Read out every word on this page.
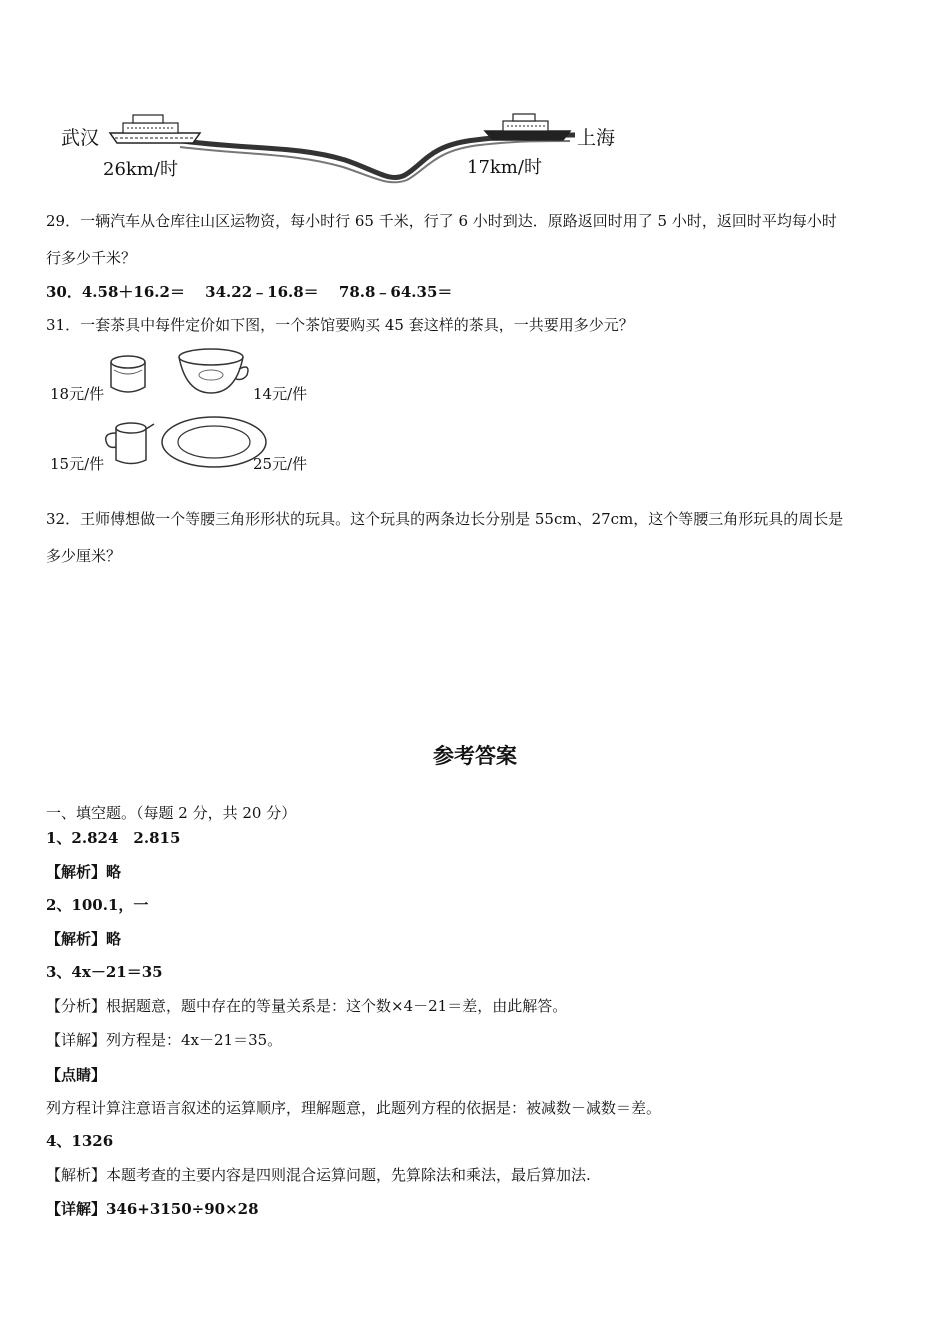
武汉	上海
26km/时	17km/时
29．一辆汽车从仓库往山区运物资，每小时行 65 千米，行了 6 小时到达．原路返回时用了 5 小时，返回时平均每小时
行多少千米？
30．4.58＋16.2＝　 34.22﹣16.8＝　 78.8﹣64.35＝
31．一套茶具中每件定价如下图，一个茶馆要购买 45 套这样的茶具，一共要用多少元？
18元/件	14元/件
15元/件	25元/件
32．王师傅想做一个等腰三角形形状的玩具。这个玩具的两条边长分别是 55cm、27cm，这个等腰三角形玩具的周长是
多少厘米？
参考答案
一、填空题。（每题 2 分，共 20 分）
1、2.824　2.815
【解析】略
2、100.1，一
【解析】略
3、4x－21＝35
【分析】根据题意，题中存在的等量关系是：这个数×4－21＝差，由此解答。
【详解】列方程是：4x－21＝35。
【点睛】
列方程计算注意语言叙述的运算顺序，理解题意，此题列方程的依据是：被减数－减数＝差。
4、1326
【解析】本题考查的主要内容是四则混合运算问题，先算除法和乘法，最后算加法.
【详解】346+3150÷90×28
